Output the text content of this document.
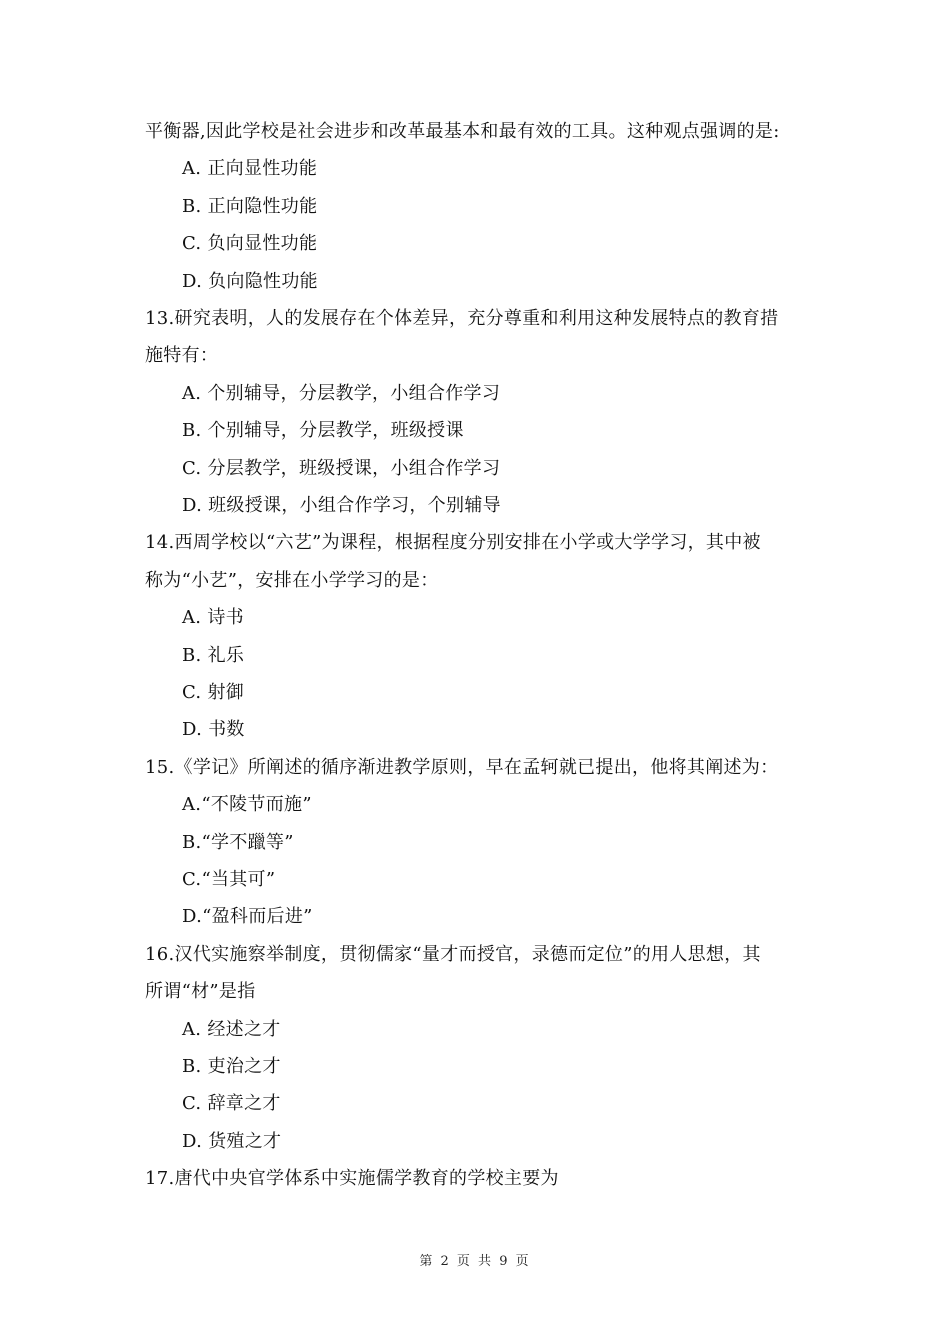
平衡器,因此学校是社会进步和改革最基本和最有效的工具。这种观点强调的是:
A. 正向显性功能
B. 正向隐性功能
C. 负向显性功能
D. 负向隐性功能
13.研究表明，人的发展存在个体差异，充分尊重和利用这种发展特点的教育措
施特有：
A. 个别辅导，分层教学，小组合作学习
B. 个别辅导，分层教学，班级授课
C. 分层教学，班级授课，小组合作学习
D. 班级授课，小组合作学习，个别辅导
14.西周学校以“六艺”为课程，根据程度分别安排在小学或大学学习，其中被
称为“小艺”，安排在小学学习的是：
A. 诗书
B. 礼乐
C. 射御
D. 书数
15.《学记》所阐述的循序渐进教学原则，早在孟轲就已提出，他将其阐述为：
A.“不陵节而施”
B.“学不躐等”
C.“当其可”
D.“盈科而后进”
16.汉代实施察举制度，贯彻儒家“量才而授官，录德而定位”的用人思想，其
所谓“材”是指
A. 经述之才
B. 吏治之才
C. 辞章之才
D. 货殖之才
17.唐代中央官学体系中实施儒学教育的学校主要为
第 2 页 共 9 页
